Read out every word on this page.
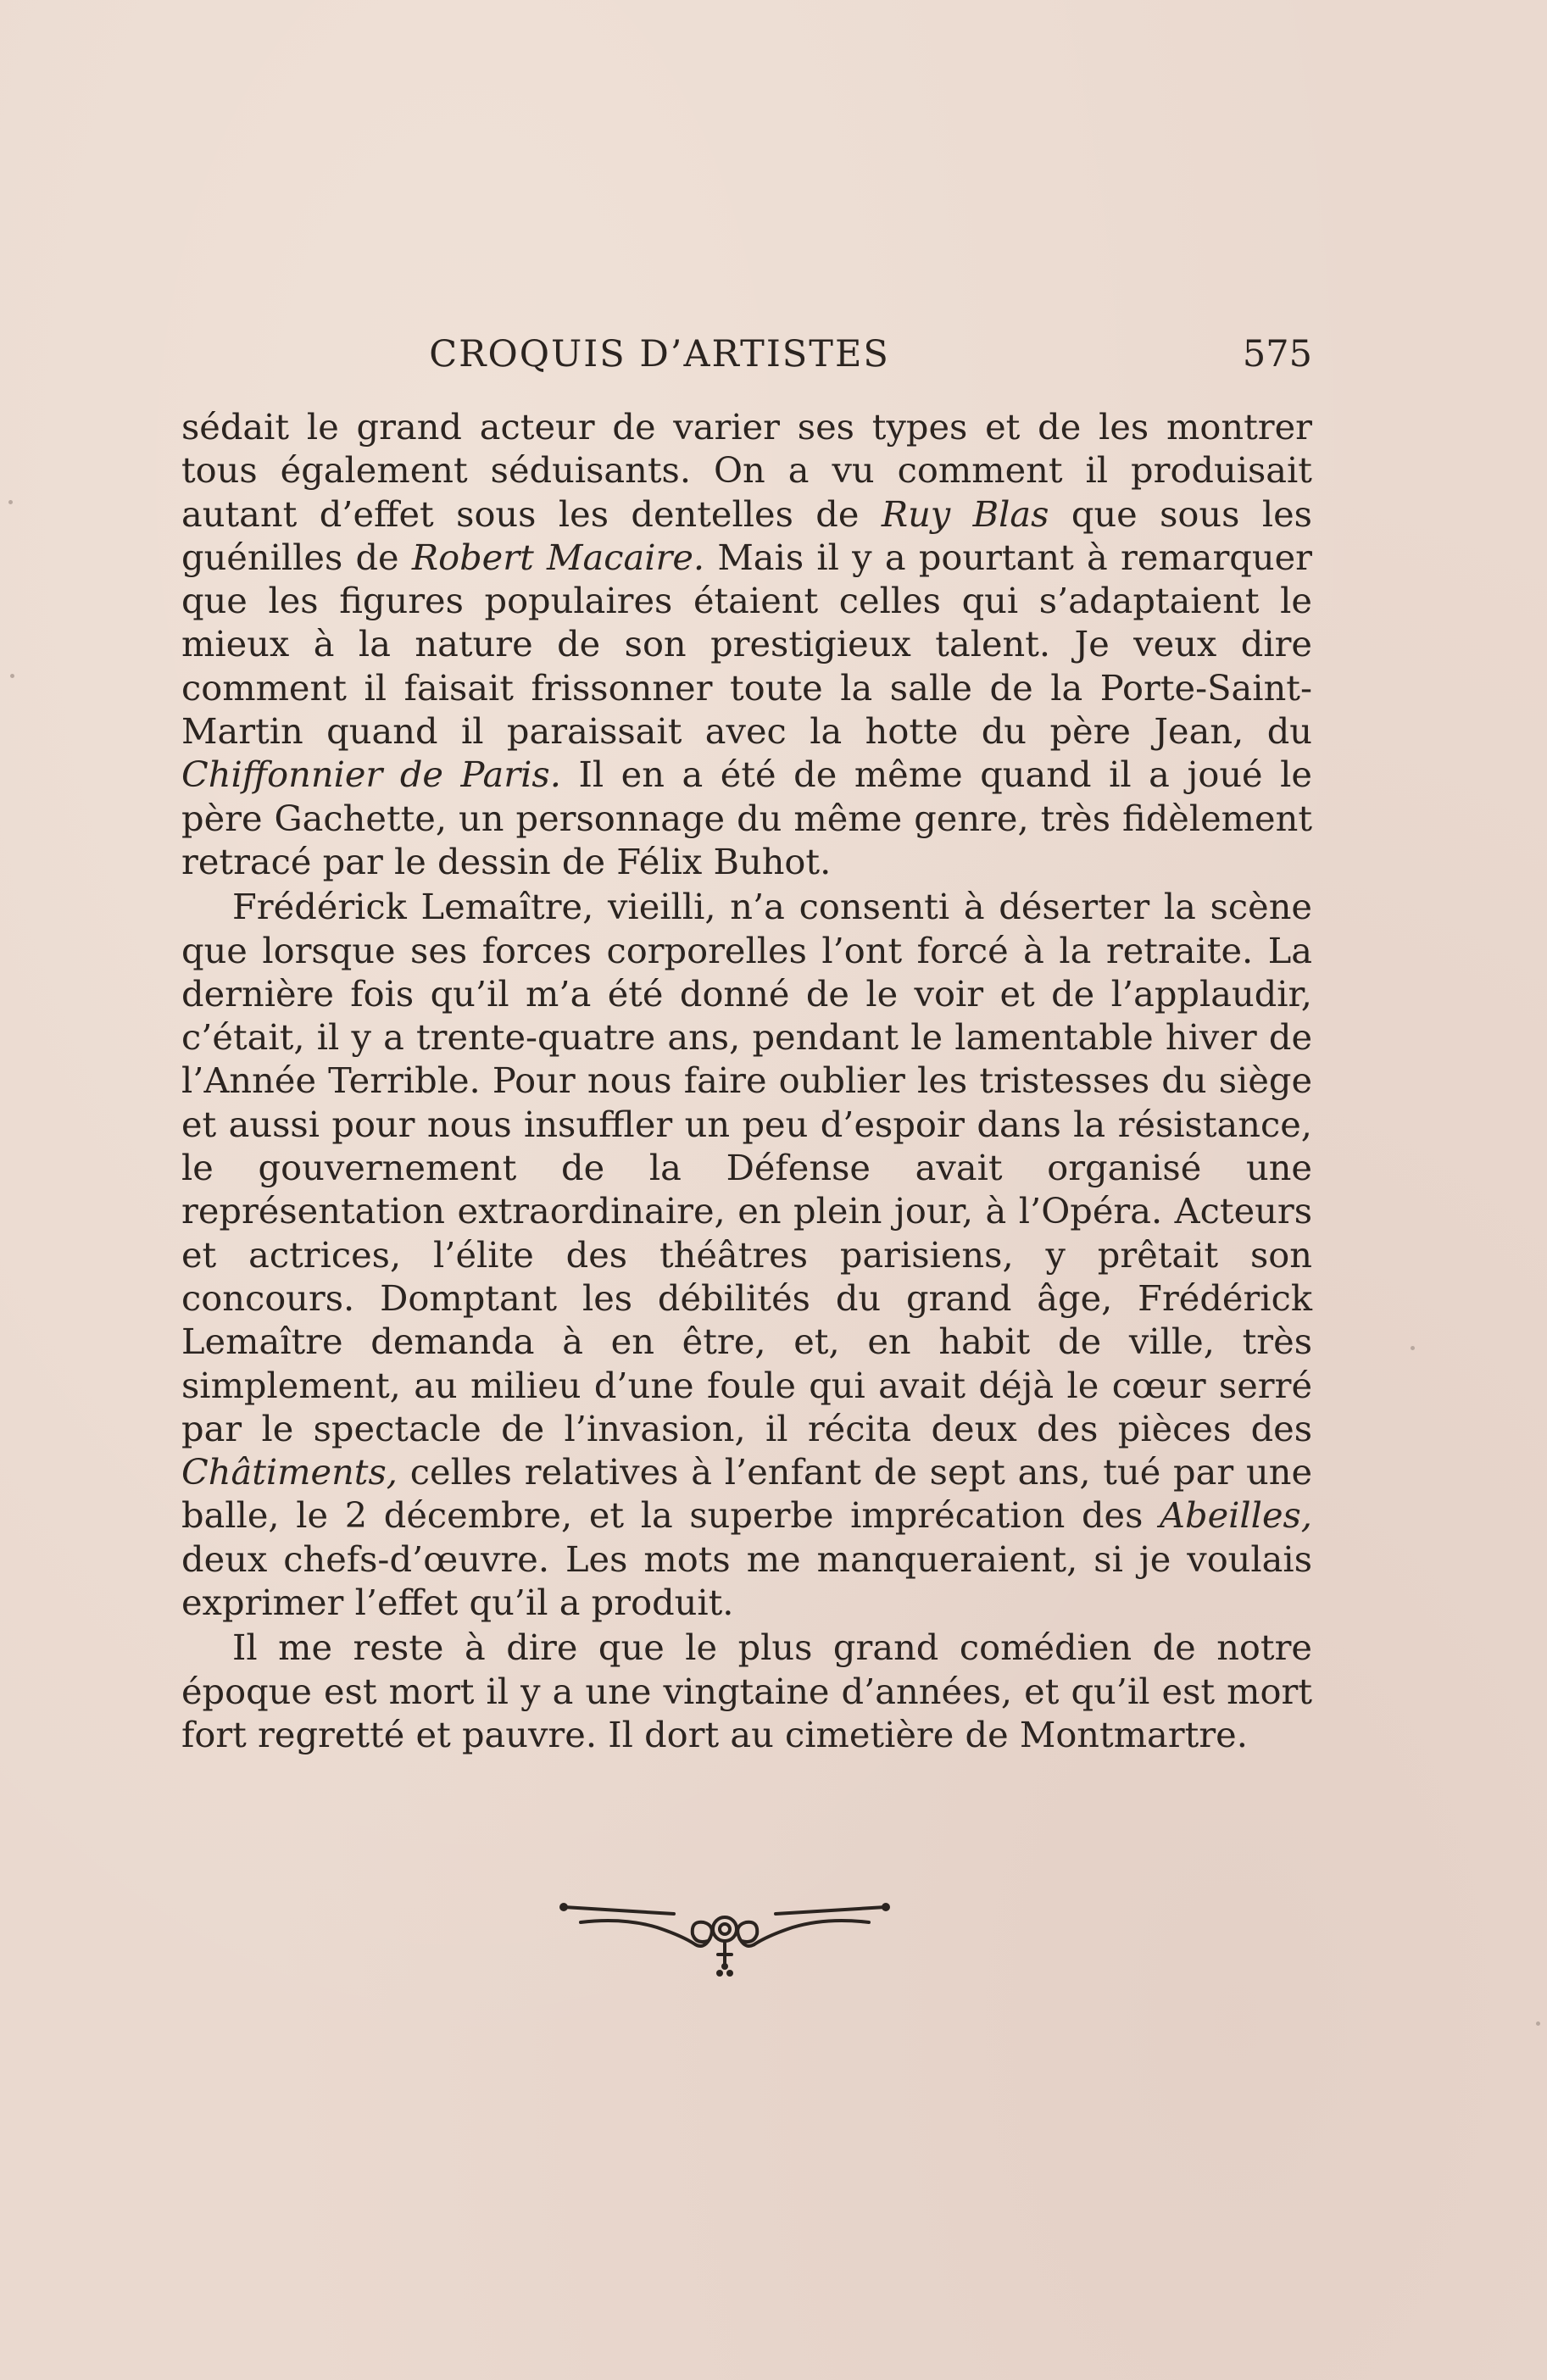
CROQUIS D’ARTISTES	575

sédait le grand acteur de varier ses types et de les montrer tous également séduisants. On a vu comment il produisait autant d’effet sous les dentelles de Ruy Blas que sous les guénilles de Robert Macaire. Mais il y a pourtant à remarquer que les figures populaires étaient celles qui s’adaptaient le mieux à la nature de son prestigieux talent. Je veux dire comment il faisait frissonner toute la salle de la Porte-Saint-Martin quand il paraissait avec la hotte du père Jean, du Chiffonnier de Paris. Il en a été de même quand il a joué le père Gachette, un personnage du même genre, très fidèlement retracé par le dessin de Félix Buhot.

Frédérick Lemaître, vieilli, n’a consenti à déserter la scène que lorsque ses forces corporelles l’ont forcé à la retraite. La dernière fois qu’il m’a été donné de le voir et de l’applaudir, c’était, il y a trente-quatre ans, pendant le lamentable hiver de l’Année Terrible. Pour nous faire oublier les tristesses du siège et aussi pour nous insuffler un peu d’espoir dans la résistance, le gouvernement de la Défense avait organisé une représentation extraordinaire, en plein jour, à l’Opéra. Acteurs et actrices, l’élite des théâtres parisiens, y prêtait son concours. Domptant les débilités du grand âge, Frédérick Lemaître demanda à en être, et, en habit de ville, très simplement, au milieu d’une foule qui avait déjà le cœur serré par le spectacle de l’invasion, il récita deux des pièces des Châtiments, celles relatives à l’enfant de sept ans, tué par une balle, le 2 décembre, et la superbe imprécation des Abeilles, deux chefs-d’œuvre. Les mots me manqueraient, si je voulais exprimer l’effet qu’il a produit.

Il me reste à dire que le plus grand comédien de notre époque est mort il y a une vingtaine d’années, et qu’il est mort fort regretté et pauvre. Il dort au cimetière de Montmartre.
